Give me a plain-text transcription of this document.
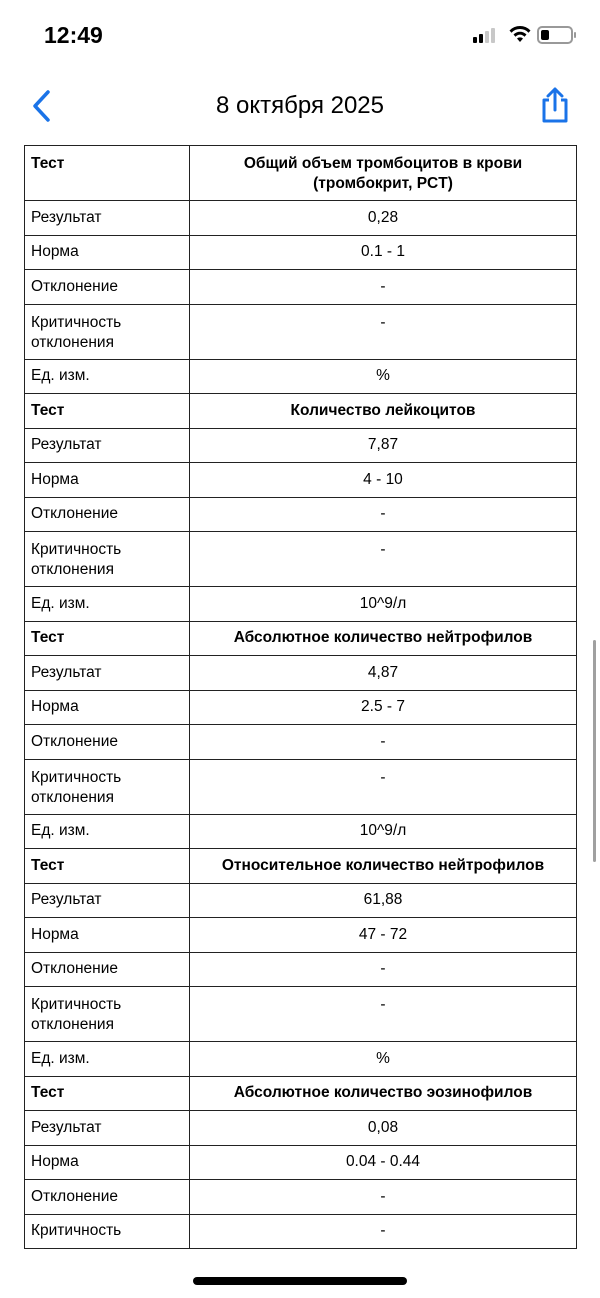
12:49
8 октября 2025
Тест	Общий объем тромбоцитов в крови (тромбокрит, PCT)
Результат	0,28
Норма	0.1 - 1
Отклонение	-
Критичность отклонения	-
Ед. изм.	%
Тест	Количество лейкоцитов
Результат	7,87
Норма	4 - 10
Отклонение	-
Критичность отклонения	-
Ед. изм.	10^9/л
Тест	Абсолютное количество нейтрофилов
Результат	4,87
Норма	2.5 - 7
Отклонение	-
Критичность отклонения	-
Ед. изм.	10^9/л
Тест	Относительное количество нейтрофилов
Результат	61,88
Норма	47 - 72
Отклонение	-
Критичность отклонения	-
Ед. изм.	%
Тест	Абсолютное количество эозинофилов
Результат	0,08
Норма	0.04 - 0.44
Отклонение	-
Критичность	-
